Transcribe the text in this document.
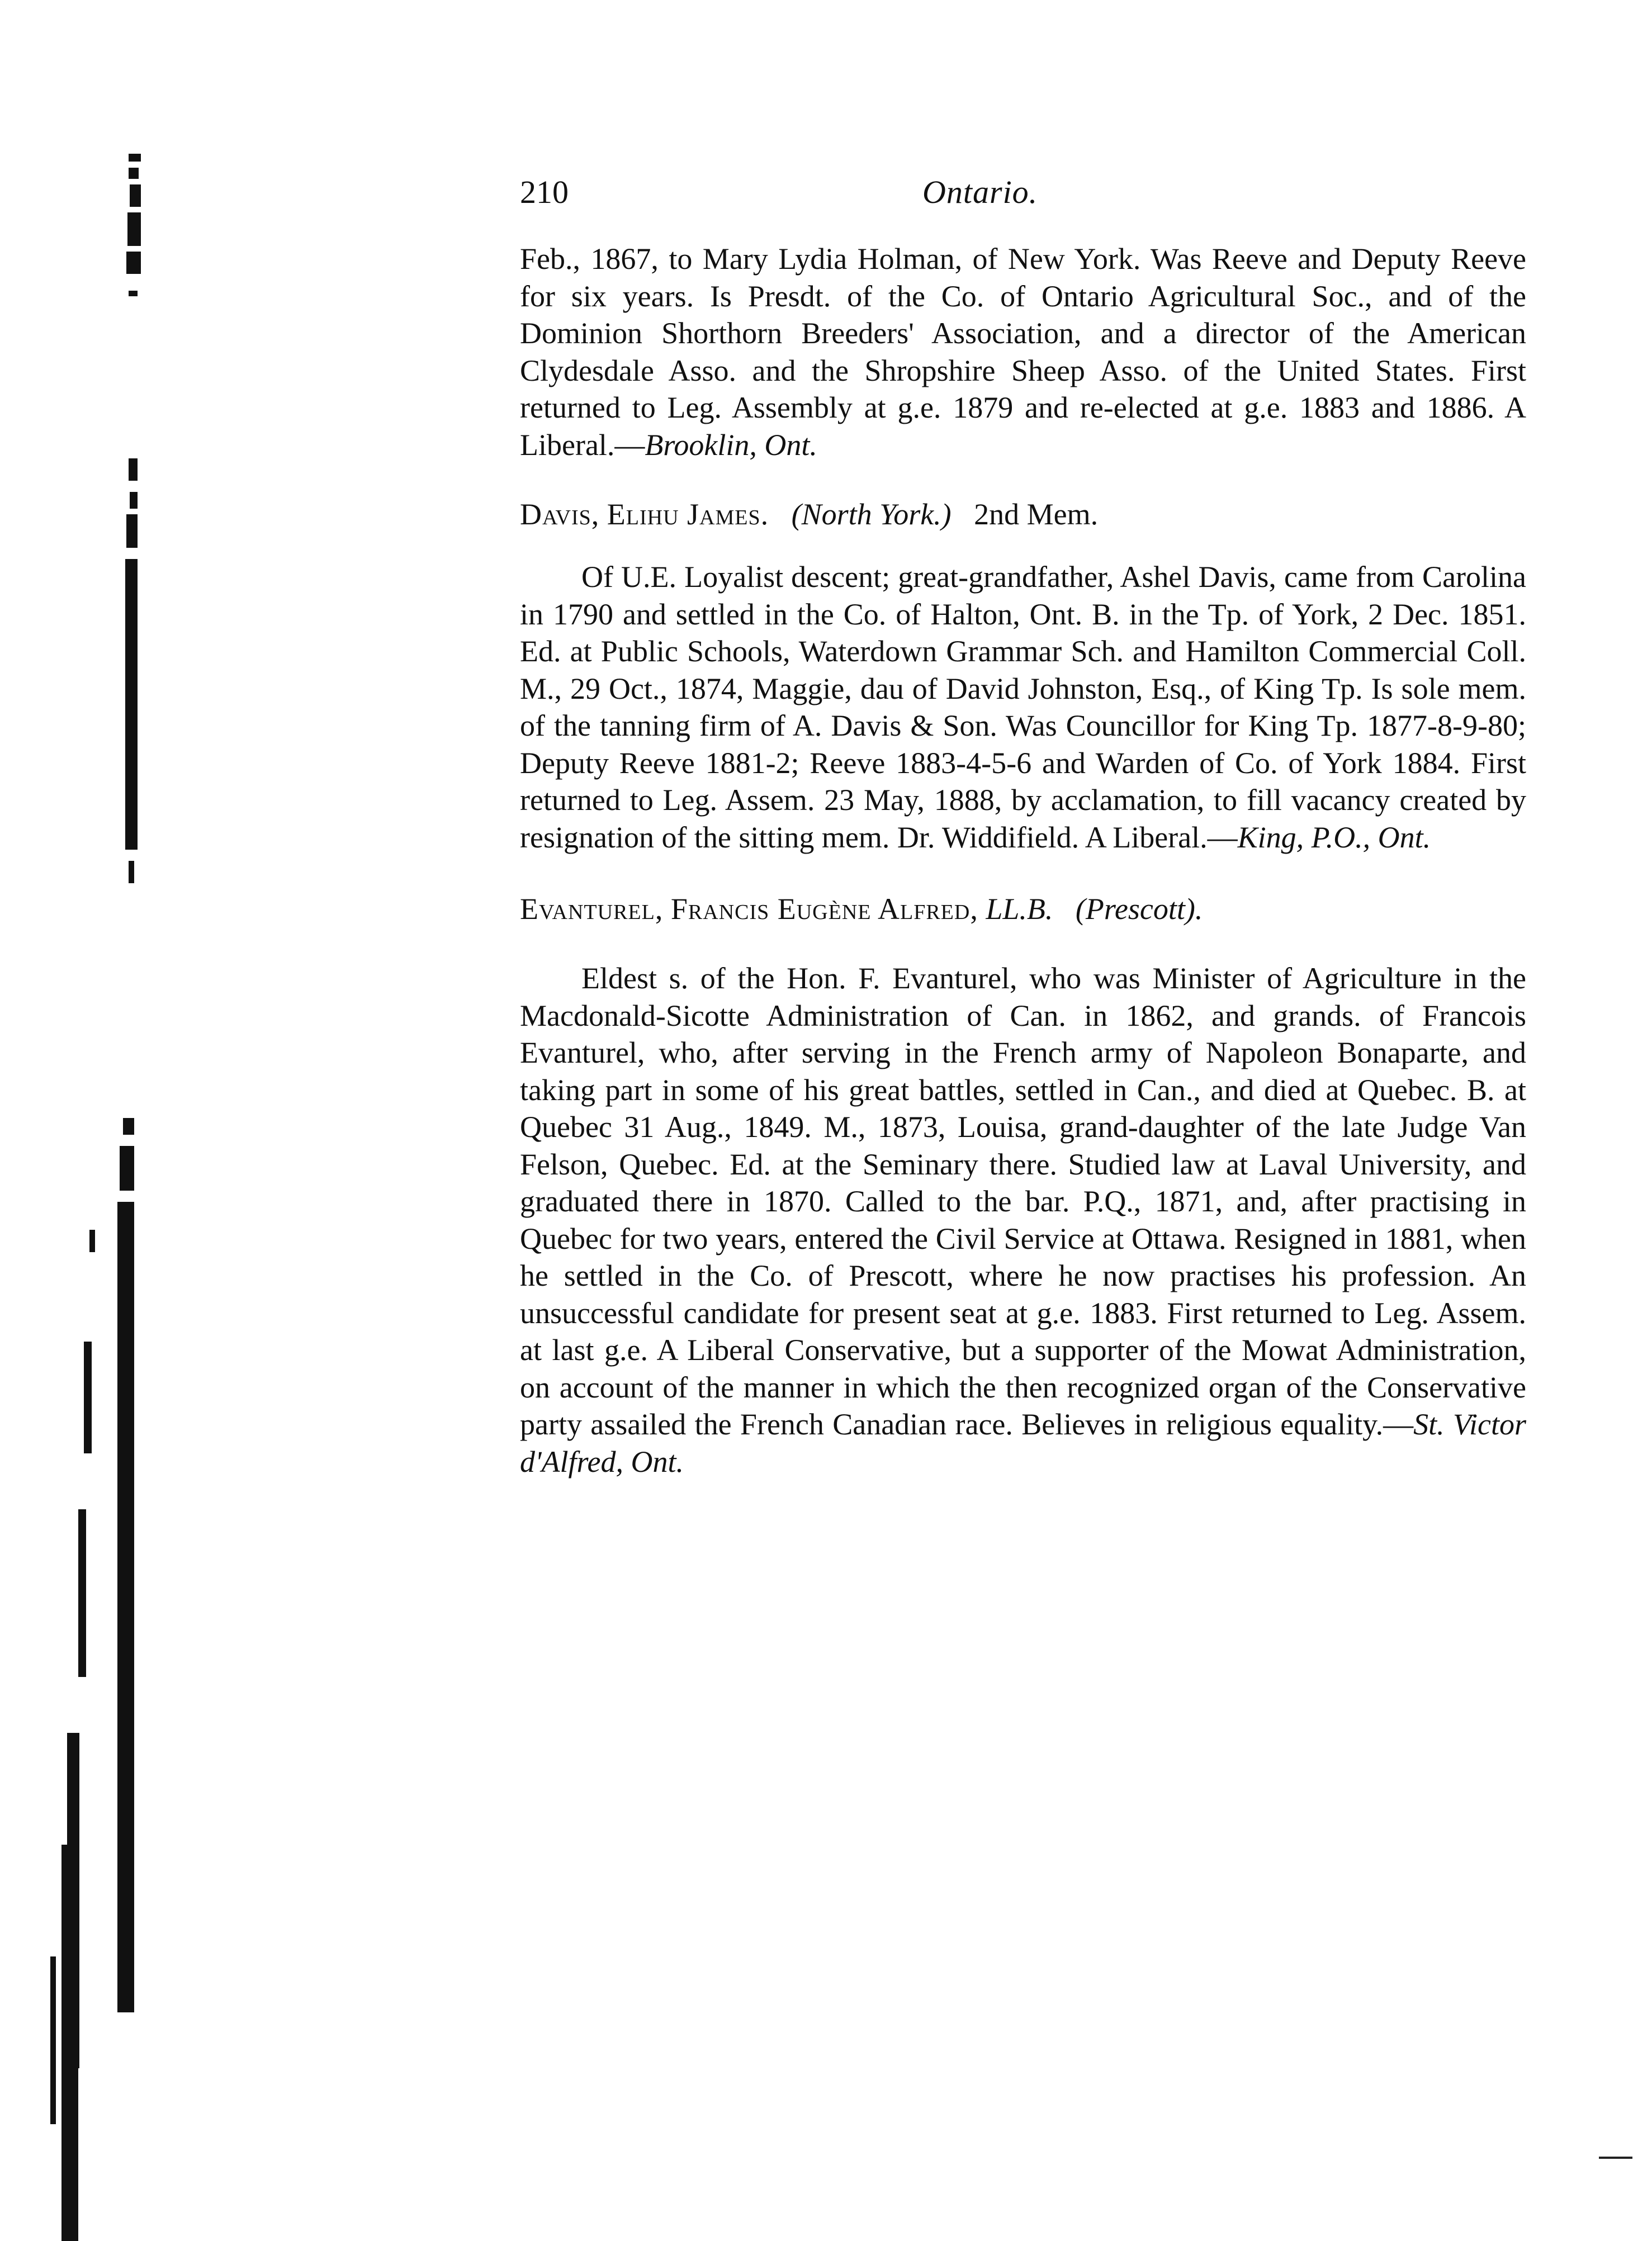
210	Ontario.

Feb., 1867, to Mary Lydia Holman, of New York. Was Reeve and Deputy Reeve for six years. Is Presdt. of the Co. of Ontario Agricultural Soc., and of the Dominion Shorthorn Breeders' Association, and a director of the American Clydesdale Asso. and the Shropshire Sheep Asso. of the United States. First returned to Leg. Assembly at g.e. 1879 and re-elected at g.e. 1883 and 1886. A Liberal.—Brooklin, Ont.

Davis, Elihu James. (North York.) 2nd Mem.

Of U.E. Loyalist descent; great-grandfather, Ashel Davis, came from Carolina in 1790 and settled in the Co. of Halton, Ont. B. in the Tp. of York, 2 Dec. 1851. Ed. at Public Schools, Waterdown Grammar Sch. and Hamilton Commercial Coll. M., 29 Oct., 1874, Maggie, dau of David Johnston, Esq., of King Tp. Is sole mem. of the tanning firm of A. Davis & Son. Was Councillor for King Tp. 1877-8-9-80; Deputy Reeve 1881-2; Reeve 1883-4-5-6 and Warden of Co. of York 1884. First returned to Leg. Assem. 23 May, 1888, by acclamation, to fill vacancy created by resignation of the sitting mem. Dr. Widdifield. A Liberal.—King, P.O., Ont.

Evanturel, Francis Eugène Alfred, LL.B. (Prescott).

Eldest s. of the Hon. F. Evanturel, who was Minister of Agriculture in the Macdonald-Sicotte Administration of Can. in 1862, and grands. of Francois Evanturel, who, after serving in the French army of Napoleon Bonaparte, and taking part in some of his great battles, settled in Can., and died at Quebec. B. at Quebec 31 Aug., 1849. M., 1873, Louisa, grand-daughter of the late Judge Van Felson, Quebec. Ed. at the Seminary there. Studied law at Laval University, and graduated there in 1870. Called to the bar. P.Q., 1871, and, after practising in Quebec for two years, entered the Civil Service at Ottawa. Resigned in 1881, when he settled in the Co. of Prescott, where he now practises his profession. An unsuccessful candidate for present seat at g.e. 1883. First returned to Leg. Assem. at last g.e. A Liberal Conservative, but a supporter of the Mowat Administration, on account of the manner in which the then recognized organ of the Conservative party assailed the French Canadian race. Believes in religious equality.—St. Victor d'Alfred, Ont.
